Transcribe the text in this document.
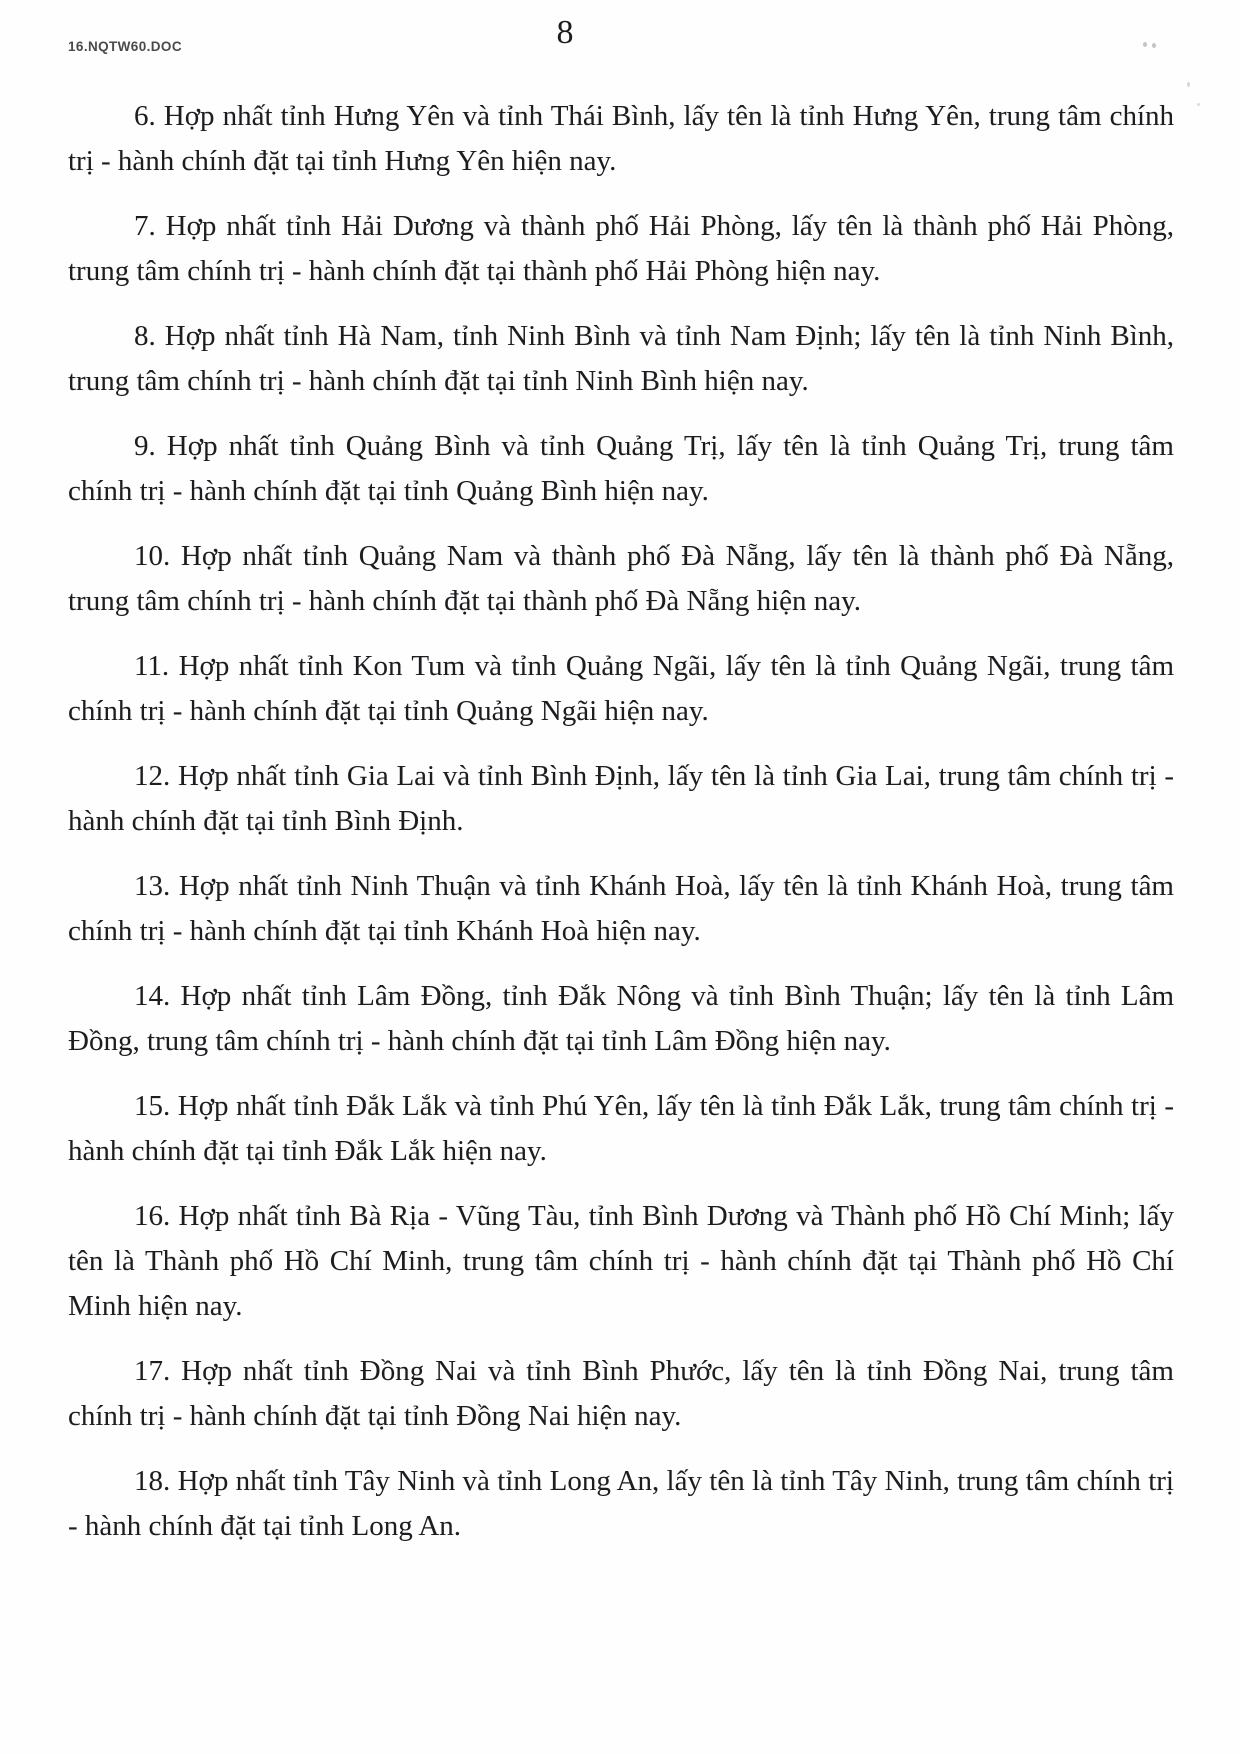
16.NQTW60.DOC	8

6. Hợp nhất tỉnh Hưng Yên và tỉnh Thái Bình, lấy tên là tỉnh Hưng Yên, trung tâm chính trị - hành chính đặt tại tỉnh Hưng Yên hiện nay.

7. Hợp nhất tỉnh Hải Dương và thành phố Hải Phòng, lấy tên là thành phố Hải Phòng, trung tâm chính trị - hành chính đặt tại thành phố Hải Phòng hiện nay.

8. Hợp nhất tỉnh Hà Nam, tỉnh Ninh Bình và tỉnh Nam Định; lấy tên là tỉnh Ninh Bình, trung tâm chính trị - hành chính đặt tại tỉnh Ninh Bình hiện nay.

9. Hợp nhất tỉnh Quảng Bình và tỉnh Quảng Trị, lấy tên là tỉnh Quảng Trị, trung tâm chính trị - hành chính đặt tại tỉnh Quảng Bình hiện nay.

10. Hợp nhất tỉnh Quảng Nam và thành phố Đà Nẵng, lấy tên là thành phố Đà Nẵng, trung tâm chính trị - hành chính đặt tại thành phố Đà Nẵng hiện nay.

11. Hợp nhất tỉnh Kon Tum và tỉnh Quảng Ngãi, lấy tên là tỉnh Quảng Ngãi, trung tâm chính trị - hành chính đặt tại tỉnh Quảng Ngãi hiện nay.

12. Hợp nhất tỉnh Gia Lai và tỉnh Bình Định, lấy tên là tỉnh Gia Lai, trung tâm chính trị - hành chính đặt tại tỉnh Bình Định.

13. Hợp nhất tỉnh Ninh Thuận và tỉnh Khánh Hoà, lấy tên là tỉnh Khánh Hoà, trung tâm chính trị - hành chính đặt tại tỉnh Khánh Hoà hiện nay.

14. Hợp nhất tỉnh Lâm Đồng, tỉnh Đắk Nông và tỉnh Bình Thuận; lấy tên là tỉnh Lâm Đồng, trung tâm chính trị - hành chính đặt tại tỉnh Lâm Đồng hiện nay.

15. Hợp nhất tỉnh Đắk Lắk và tỉnh Phú Yên, lấy tên là tỉnh Đắk Lắk, trung tâm chính trị - hành chính đặt tại tỉnh Đắk Lắk hiện nay.

16. Hợp nhất tỉnh Bà Rịa - Vũng Tàu, tỉnh Bình Dương và Thành phố Hồ Chí Minh; lấy tên là Thành phố Hồ Chí Minh, trung tâm chính trị - hành chính đặt tại Thành phố Hồ Chí Minh hiện nay.

17. Hợp nhất tỉnh Đồng Nai và tỉnh Bình Phước, lấy tên là tỉnh Đồng Nai, trung tâm chính trị - hành chính đặt tại tỉnh Đồng Nai hiện nay.

18. Hợp nhất tỉnh Tây Ninh và tỉnh Long An, lấy tên là tỉnh Tây Ninh, trung tâm chính trị - hành chính đặt tại tỉnh Long An.
